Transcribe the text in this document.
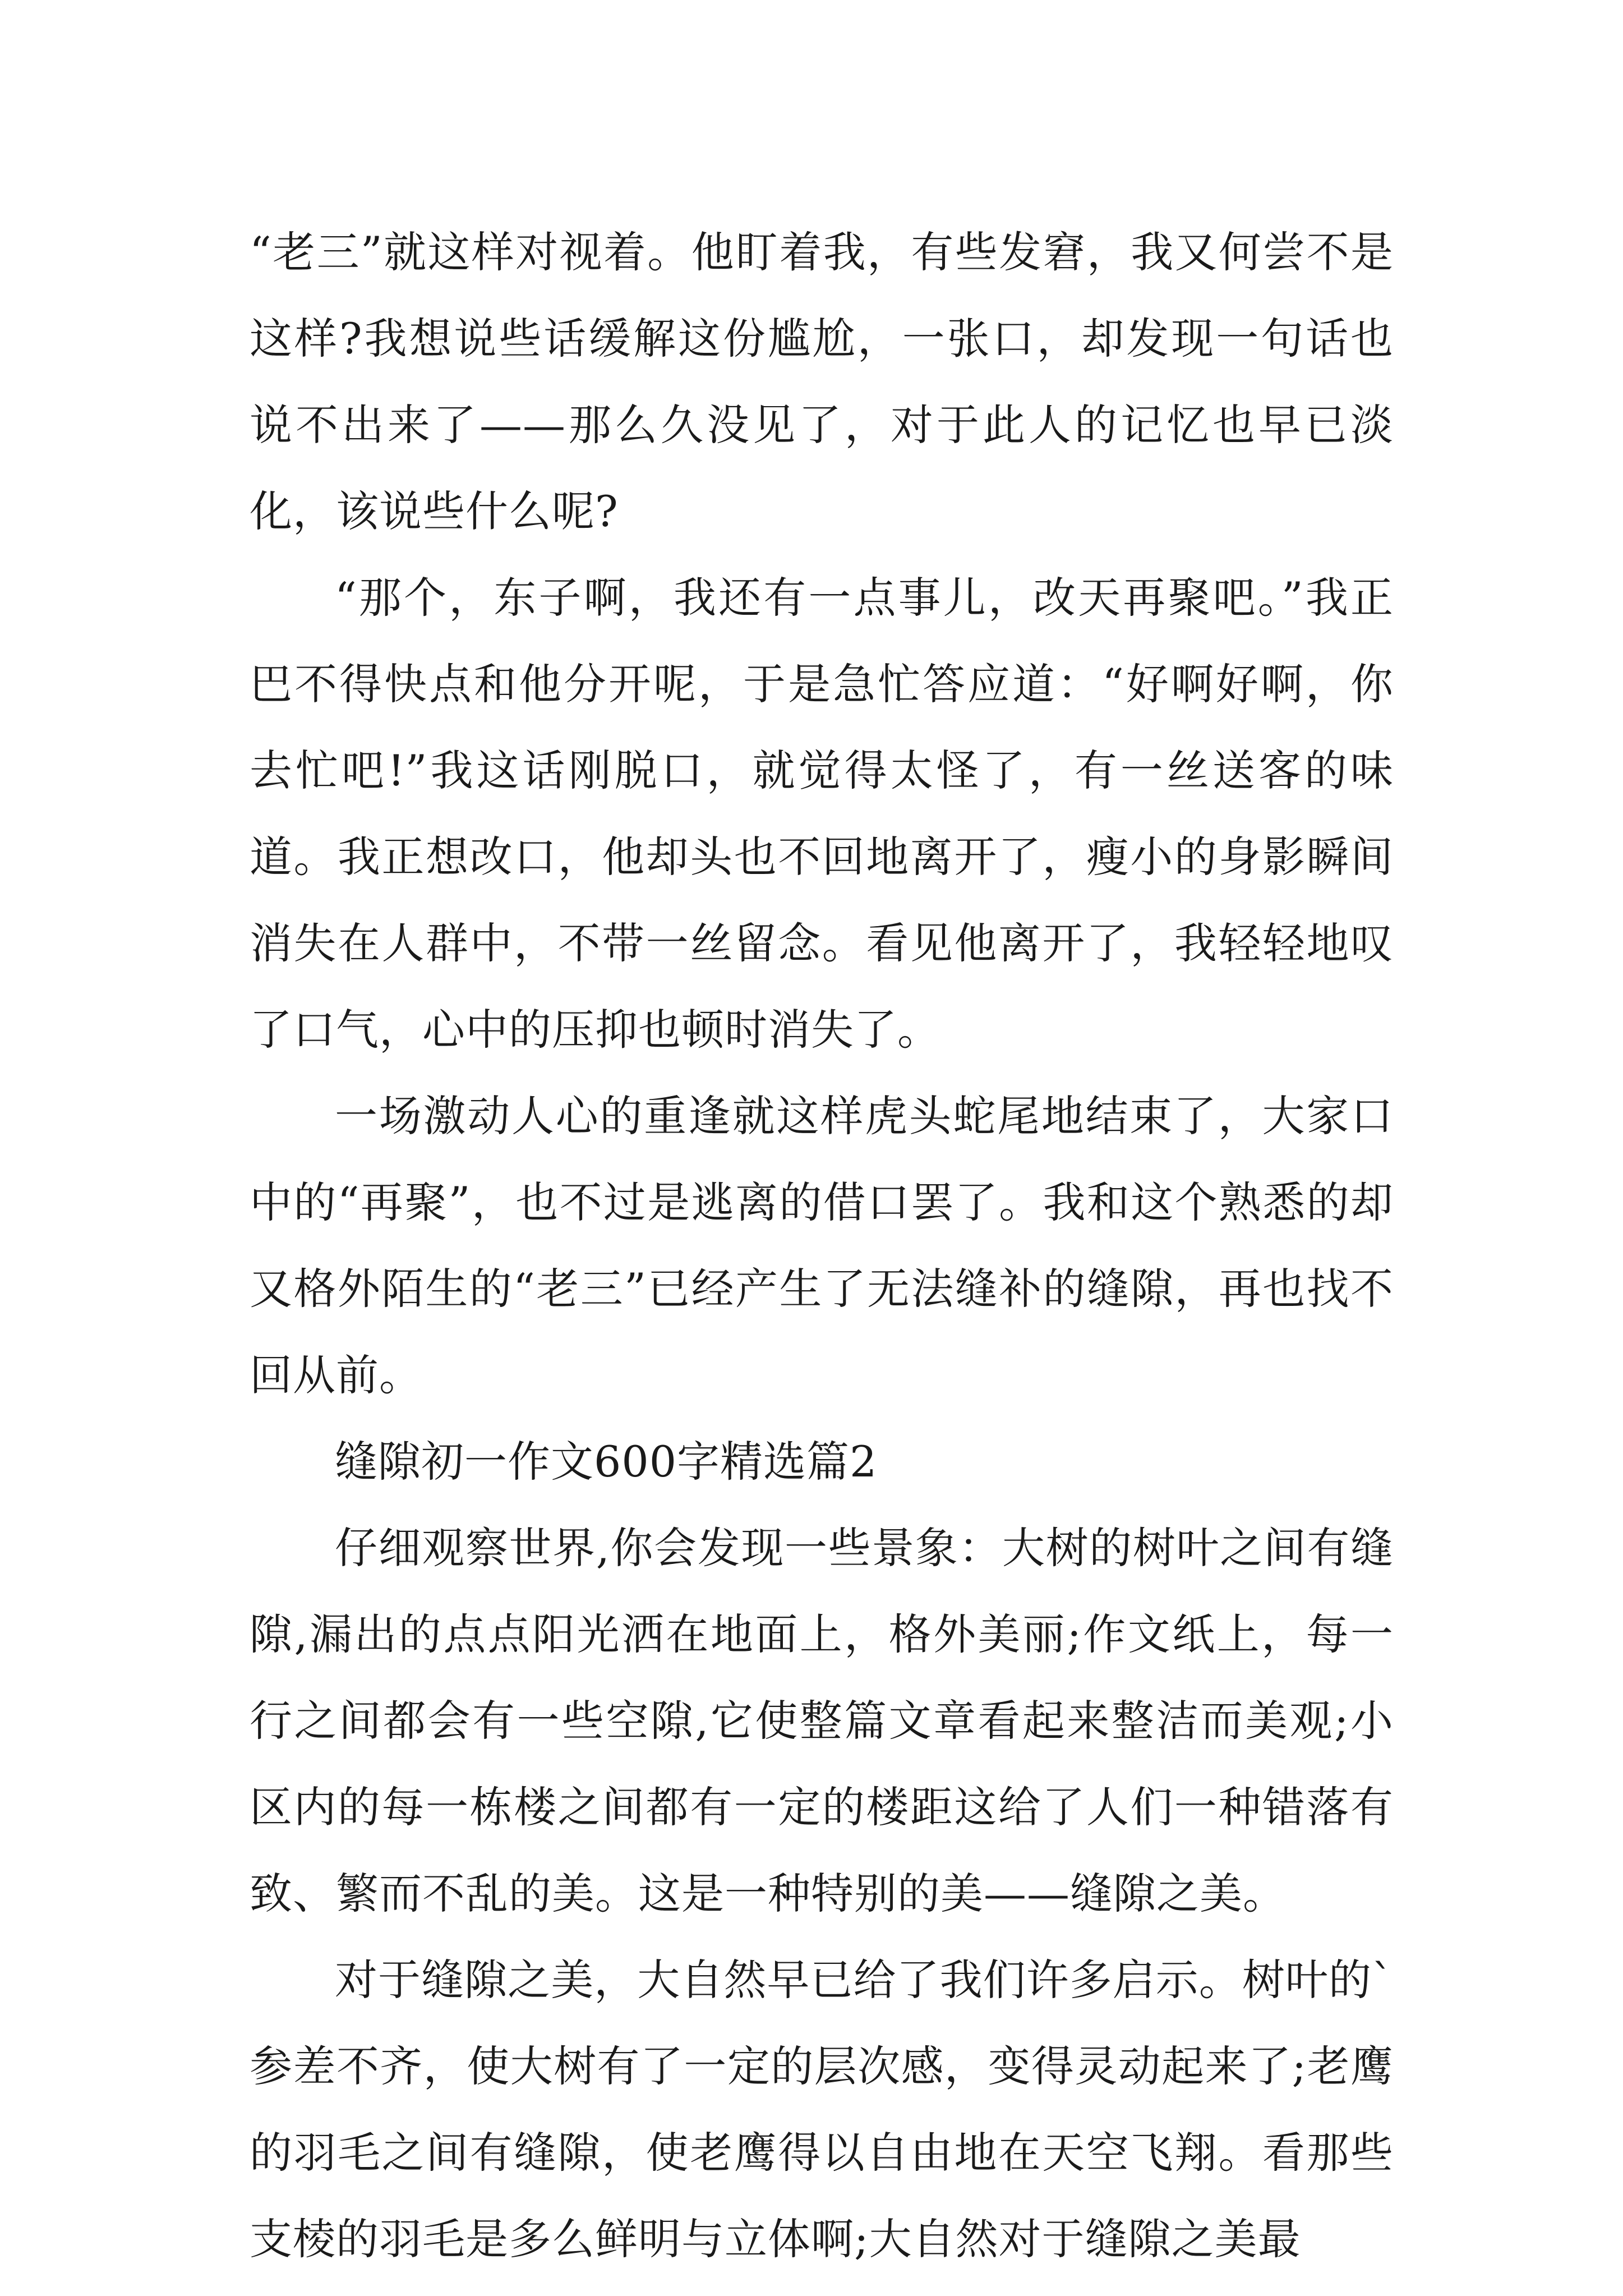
“老三”就这样对视着。他盯着我，有些发窘，我又何尝不是这样?我想说些话缓解这份尴尬，一张口，却发现一句话也说不出来了——那么久没见了，对于此人的记忆也早已淡化，该说些什么呢?

“那个，东子啊，我还有一点事儿，改天再聚吧。”我正巴不得快点和他分开呢，于是急忙答应道：“好啊好啊，你去忙吧!”我这话刚脱口，就觉得太怪了，有一丝送客的味道。我正想改口，他却头也不回地离开了，瘦小的身影瞬间消失在人群中，不带一丝留念。看见他离开了，我轻轻地叹了口气，心中的压抑也顿时消失了。

一场激动人心的重逢就这样虎头蛇尾地结束了，大家口中的“再聚”，也不过是逃离的借口罢了。我和这个熟悉的却又格外陌生的“老三”已经产生了无法缝补的缝隙，再也找不回从前。

缝隙初一作文600字精选篇2

仔细观察世界,你会发现一些景象：大树的树叶之间有缝隙,漏出的点点阳光洒在地面上，格外美丽;作文纸上，每一行之间都会有一些空隙,它使整篇文章看起来整洁而美观;小区内的每一栋楼之间都有一定的楼距这给了人们一种错落有致、繁而不乱的美。这是一种特别的美——缝隙之美。

对于缝隙之美，大自然早已给了我们许多启示。树叶的`参差不齐，使大树有了一定的层次感，变得灵动起来了;老鹰的羽毛之间有缝隙，使老鹰得以自由地在天空飞翔。看那些支棱的羽毛是多么鲜明与立体啊;大自然对于缝隙之美最
